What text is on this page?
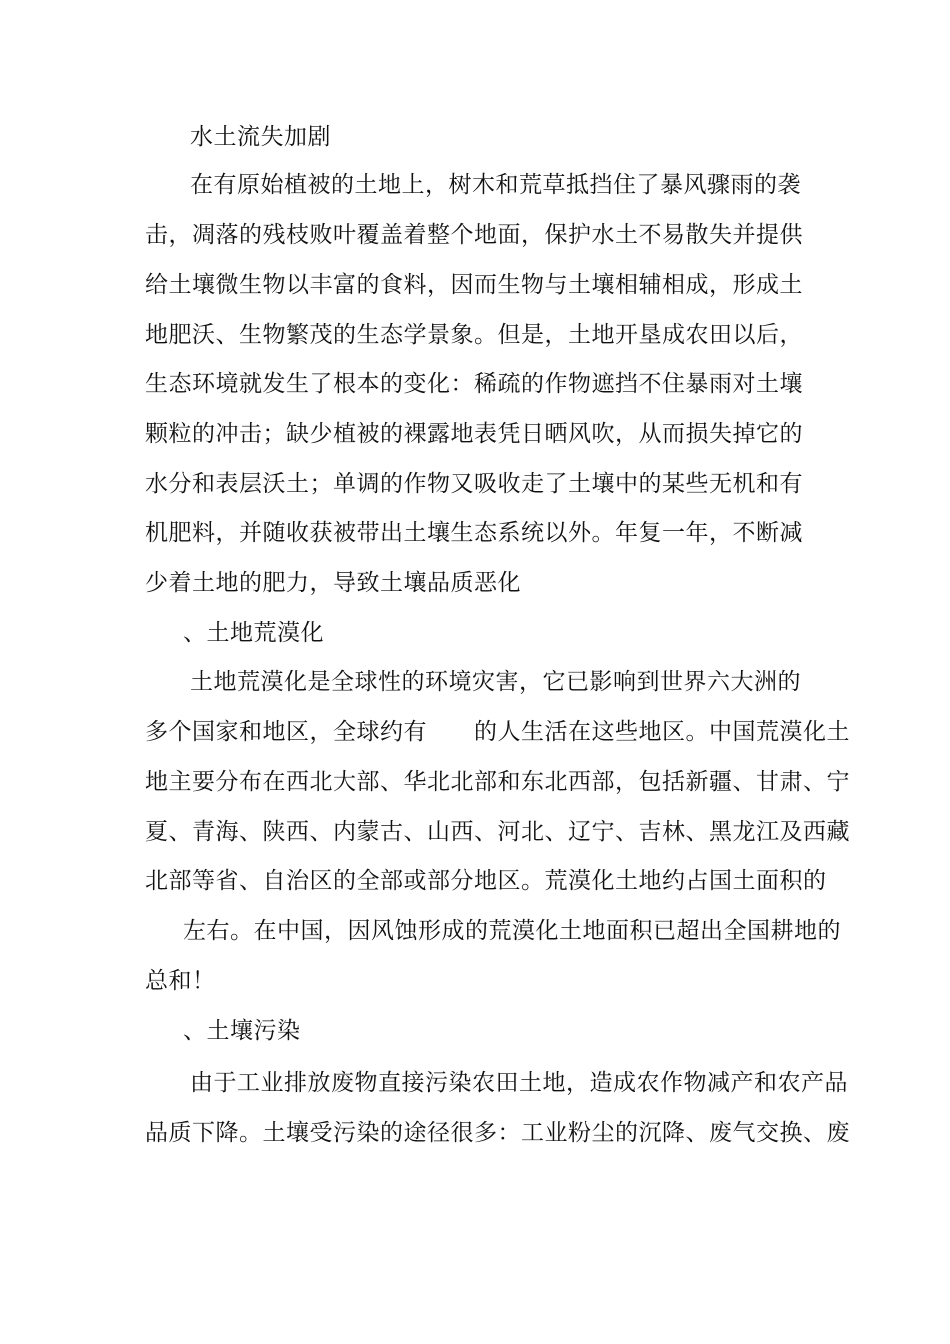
水土流失加剧
在有原始植被的土地上，树木和荒草抵挡住了暴风骤雨的袭
击，凋落的残枝败叶覆盖着整个地面，保护水土不易散失并提供
给土壤微生物以丰富的食料，因而生物与土壤相辅相成，形成土
地肥沃、生物繁茂的生态学景象。但是，土地开垦成农田以后，
生态环境就发生了根本的变化：稀疏的作物遮挡不住暴雨对土壤
颗粒的冲击；缺少植被的裸露地表凭日晒风吹，从而损失掉它的
水分和表层沃土；单调的作物又吸收走了土壤中的某些无机和有
机肥料，并随收获被带出土壤生态系统以外。年复一年，不断减
少着土地的肥力，导致土壤品质恶化
、土地荒漠化
土地荒漠化是全球性的环境灾害，它已影响到世界六大洲的
多个国家和地区，全球约有　　的人生活在这些地区。中国荒漠化土
地主要分布在西北大部、华北北部和东北西部，包括新疆、甘肃、宁
夏、青海、陕西、内蒙古、山西、河北、辽宁、吉林、黑龙江及西藏
北部等省、自治区的全部或部分地区。荒漠化土地约占国土面积的
左右。在中国，因风蚀形成的荒漠化土地面积已超出全国耕地的
总和！
、土壤污染
由于工业排放废物直接污染农田土地，造成农作物减产和农产品
品质下降。土壤受污染的途径很多：工业粉尘的沉降、废气交换、废
